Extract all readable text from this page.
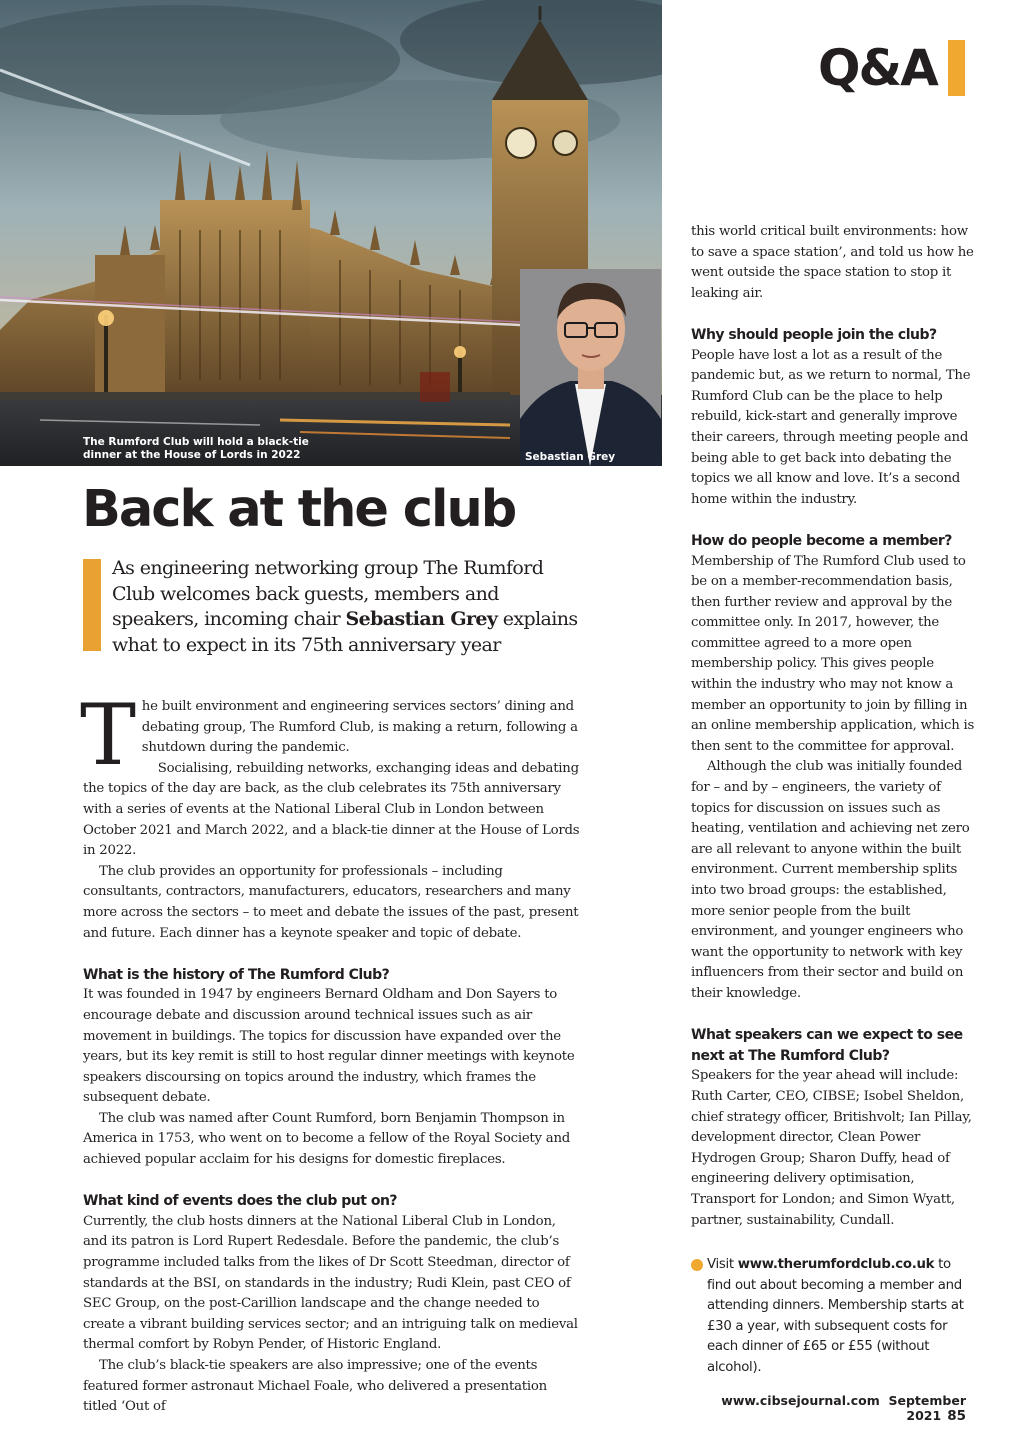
The Rumford Club will hold a black-tie dinner at the House of Lords in 2022	Sebastian Grey
Q&A
Back at the club
As engineering networking group The Rumford Club welcomes back guests, members and speakers, incoming chair Sebastian Grey explains what to expect in its 75th anniversary year

The built environment and engineering services sectors’ dining and debating group, The Rumford Club, is making a return, following a shutdown during the pandemic.

Socialising, rebuilding networks, exchanging ideas and debating the topics of the day are back, as the club celebrates its 75th anniversary with a series of events at the National Liberal Club in London between October 2021 and March 2022, and a black-tie dinner at the House of Lords in 2022.

The club provides an opportunity for professionals – including consultants, contractors, manufacturers, educators, researchers and many more across the sectors – to meet and debate the issues of the past, present and future. Each dinner has a keynote speaker and topic of debate.

What is the history of The Rumford Club?

It was founded in 1947 by engineers Bernard Oldham and Don Sayers to encourage debate and discussion around technical issues such as air movement in buildings. The topics for discussion have expanded over the years, but its key remit is still to host regular dinner meetings with keynote speakers discoursing on topics around the industry, which frames the subsequent debate.

The club was named after Count Rumford, born Benjamin Thompson in America in 1753, who went on to become a fellow of the Royal Society and achieved popular acclaim for his designs for domestic fireplaces.

What kind of events does the club put on?

Currently, the club hosts dinners at the National Liberal Club in London, and its patron is Lord Rupert Redesdale. Before the pandemic, the club’s programme included talks from the likes of Dr Scott Steedman, director of standards at the BSI, on standards in the industry; Rudi Klein, past CEO of SEC Group, on the post-Carillion landscape and the change needed to create a vibrant building services sector; and an intriguing talk on medieval thermal comfort by Robyn Pender, of Historic England.

The club’s black-tie speakers are also impressive; one of the events featured former astronaut Michael Foale, who delivered a presentation titled ‘Out of

this world critical built environments: how to save a space station’, and told us how he went outside the space station to stop it leaking air.

Why should people join the club?

People have lost a lot as a result of the pandemic but, as we return to normal, The Rumford Club can be the place to help rebuild, kick-start and generally improve their careers, through meeting people and being able to get back into debating the topics we all know and love. It’s a second home within the industry.

How do people become a member?

Membership of The Rumford Club used to be on a member-recommendation basis, then further review and approval by the committee only. In 2017, however, the committee agreed to a more open membership policy. This gives people within the industry who may not know a member an opportunity to join by filling in an online membership application, which is then sent to the committee for approval.

Although the club was initially founded for – and by – engineers, the variety of topics for discussion on issues such as heating, ventilation and achieving net zero are all relevant to anyone within the built environment. Current membership splits into two broad groups: the established, more senior people from the built environment, and younger engineers who want the opportunity to network with key influencers from their sector and build on their knowledge.

What speakers can we expect to see next at The Rumford Club?

Speakers for the year ahead will include: Ruth Carter, CEO, CIBSE; Isobel Sheldon, chief strategy officer, Britishvolt; Ian Pillay, development director, Clean Power Hydrogen Group; Sharon Duffy, head of engineering delivery optimisation, Transport for London; and Simon Wyatt, partner, sustainability, Cundall.

Visit www.therumfordclub.co.uk to find out about becoming a member and attending dinners. Membership starts at £30 a year, with subsequent costs for each dinner of £65 or £55 (without alcohol).
www.cibsejournal.com September 2021 85
